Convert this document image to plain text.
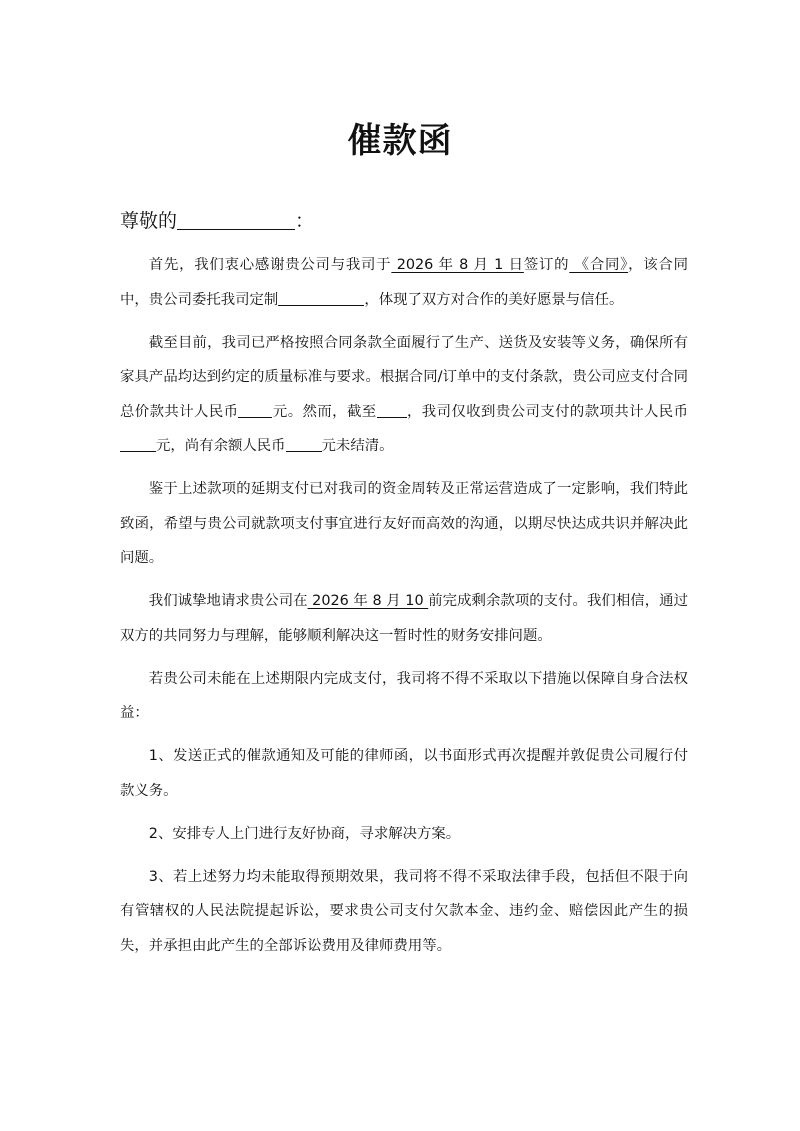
催款函
尊敬的	：

首先，我们衷心感谢贵公司与我司于 2026 年 8 月 1 日签订的 《合同》，该合同中，贵公司委托我司定制	，体现了双方对合作的美好愿景与信任。

截至目前，我司已严格按照合同条款全面履行了生产、送货及安装等义务，确保所有家具产品均达到约定的质量标准与要求。根据合同/订单中的支付条款，贵公司应支付合同总价款共计人民币 元。然而，截至 ，我司仅收到贵公司支付的款项共计人民币元，尚有余额人民币	元未结清。

鉴于上述款项的延期支付已对我司的资金周转及正常运营造成了一定影响，我们特此致函，希望与贵公司就款项支付事宜进行友好而高效的沟通，以期尽快达成共识并解决此问题。

我们诚挚地请求贵公司在 2026 年 8 月 10 前完成剩余款项的支付。我们相信，通过双方的共同努力与理解，能够顺利解决这一暂时性的财务安排问题。

若贵公司未能在上述期限内完成支付，我司将不得不采取以下措施以保障自身合法权益：

1、发送正式的催款通知及可能的律师函，以书面形式再次提醒并敦促贵公司履行付款义务。

2、安排专人上门进行友好协商，寻求解决方案。

3、若上述努力均未能取得预期效果，我司将不得不采取法律手段，包括但不限于向有管辖权的人民法院提起诉讼，要求贵公司支付欠款本金、违约金、赔偿因此产生的损失，并承担由此产生的全部诉讼费用及律师费用等。
